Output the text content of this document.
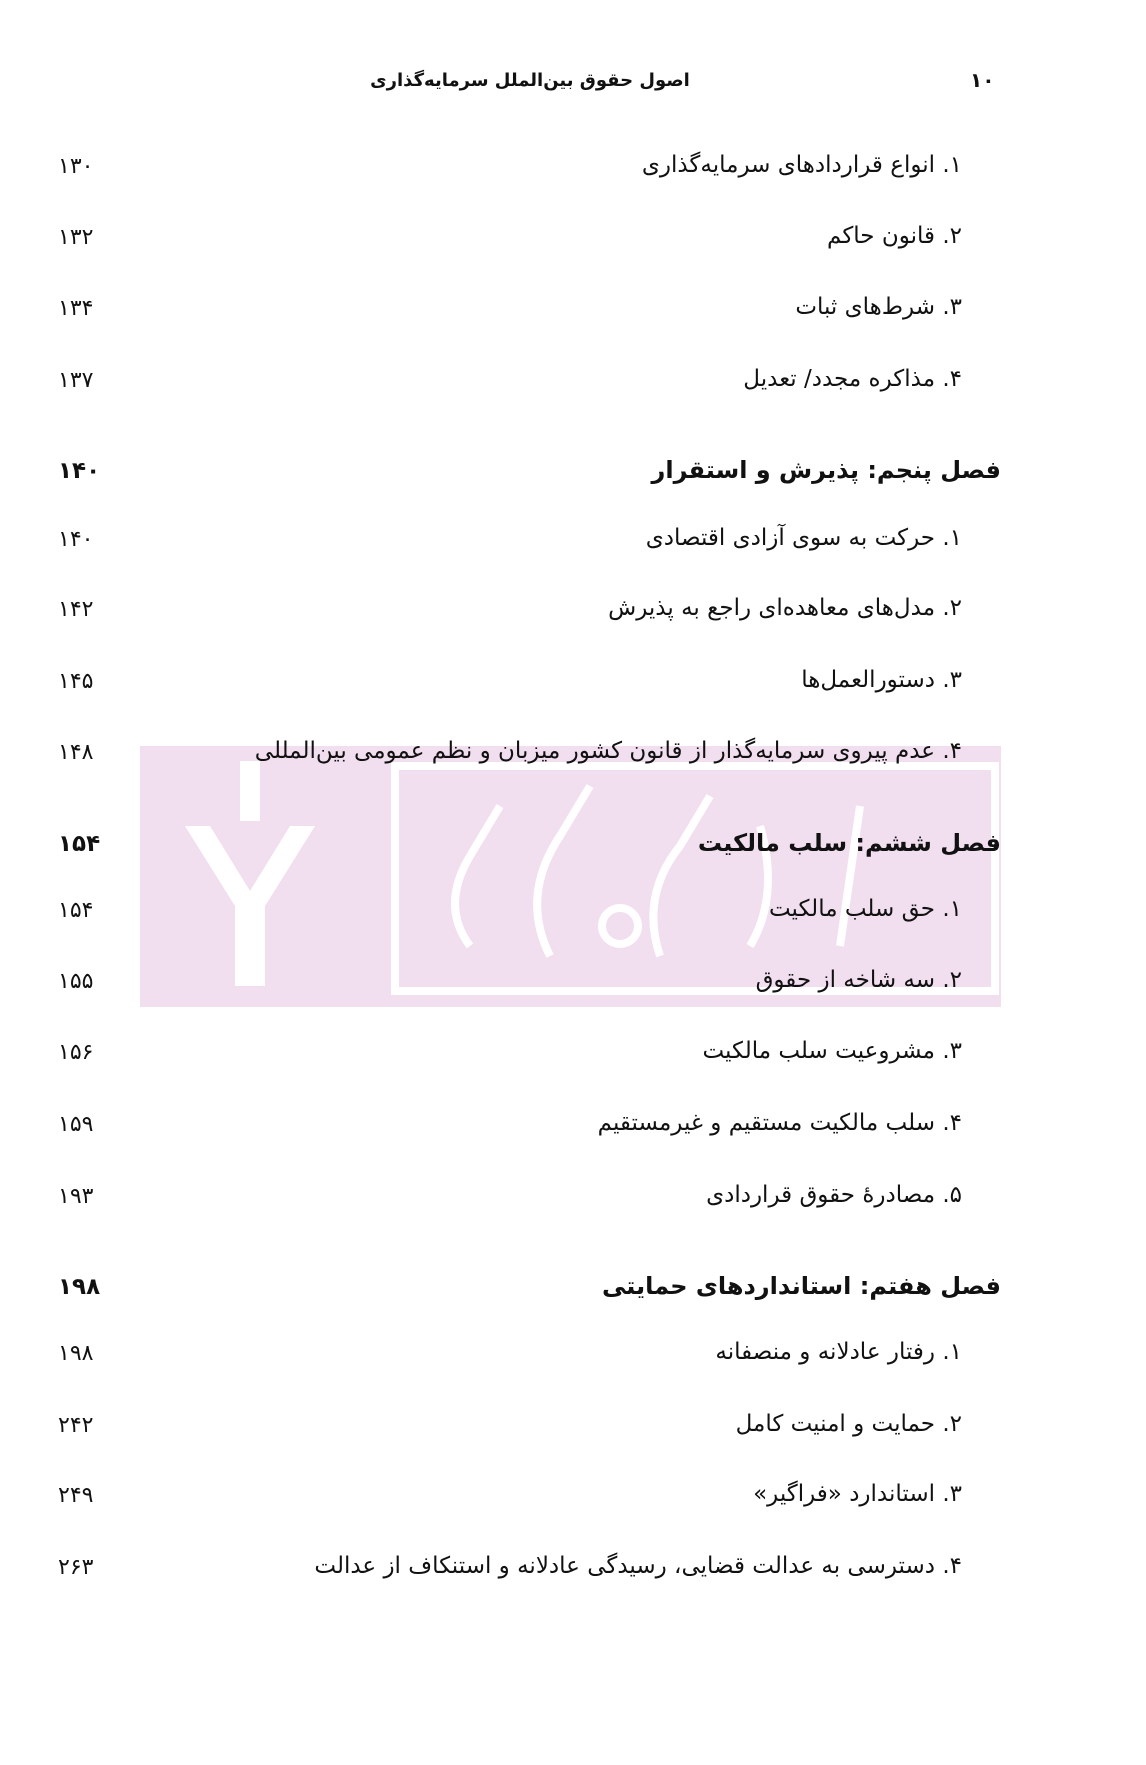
اصول حقوق بین‌الملل سرمایه‌گذاری	۱۰
۱. انواع قراردادهای سرمایه‌گذاری
۱۳۰
۲. قانون حاکم
۱۳۲
۳. شرط‌های ثبات
۱۳۴
۴. مذاکره مجدد/ تعدیل
۱۳۷
فصل پنجم: پذیرش و استقرار
۱۴۰
۱. حرکت به سوی آزادی اقتصادی
۱۴۰
۲. مدل‌های معاهده‌ای راجع به پذیرش
۱۴۲
۳. دستورالعمل‌ها
۱۴۵
۴. عدم پیروی سرمایه‌گذار از قانون کشور میزبان و نظم عمومی بین‌المللی
۱۴۸
فصل ششم: سلب مالکیت
۱۵۴
۱. حق سلب مالکیت
۱۵۴
۲. سه شاخه از حقوق
۱۵۵
۳. مشروعیت سلب مالکیت
۱۵۶
۴. سلب مالکیت مستقیم و غیرمستقیم
۱۵۹
۵. مصادرهٔ حقوق قراردادی
۱۹۳
فصل هفتم: استانداردهای حمایتی
۱۹۸
۱. رفتار عادلانه و منصفانه
۱۹۸
۲. حمایت و امنیت کامل
۲۴۲
۳. استاندارد «فراگیر»
۲۴۹
۴. دسترسی به عدالت قضایی، رسیدگی عادلانه و استنکاف از عدالت
۲۶۳
